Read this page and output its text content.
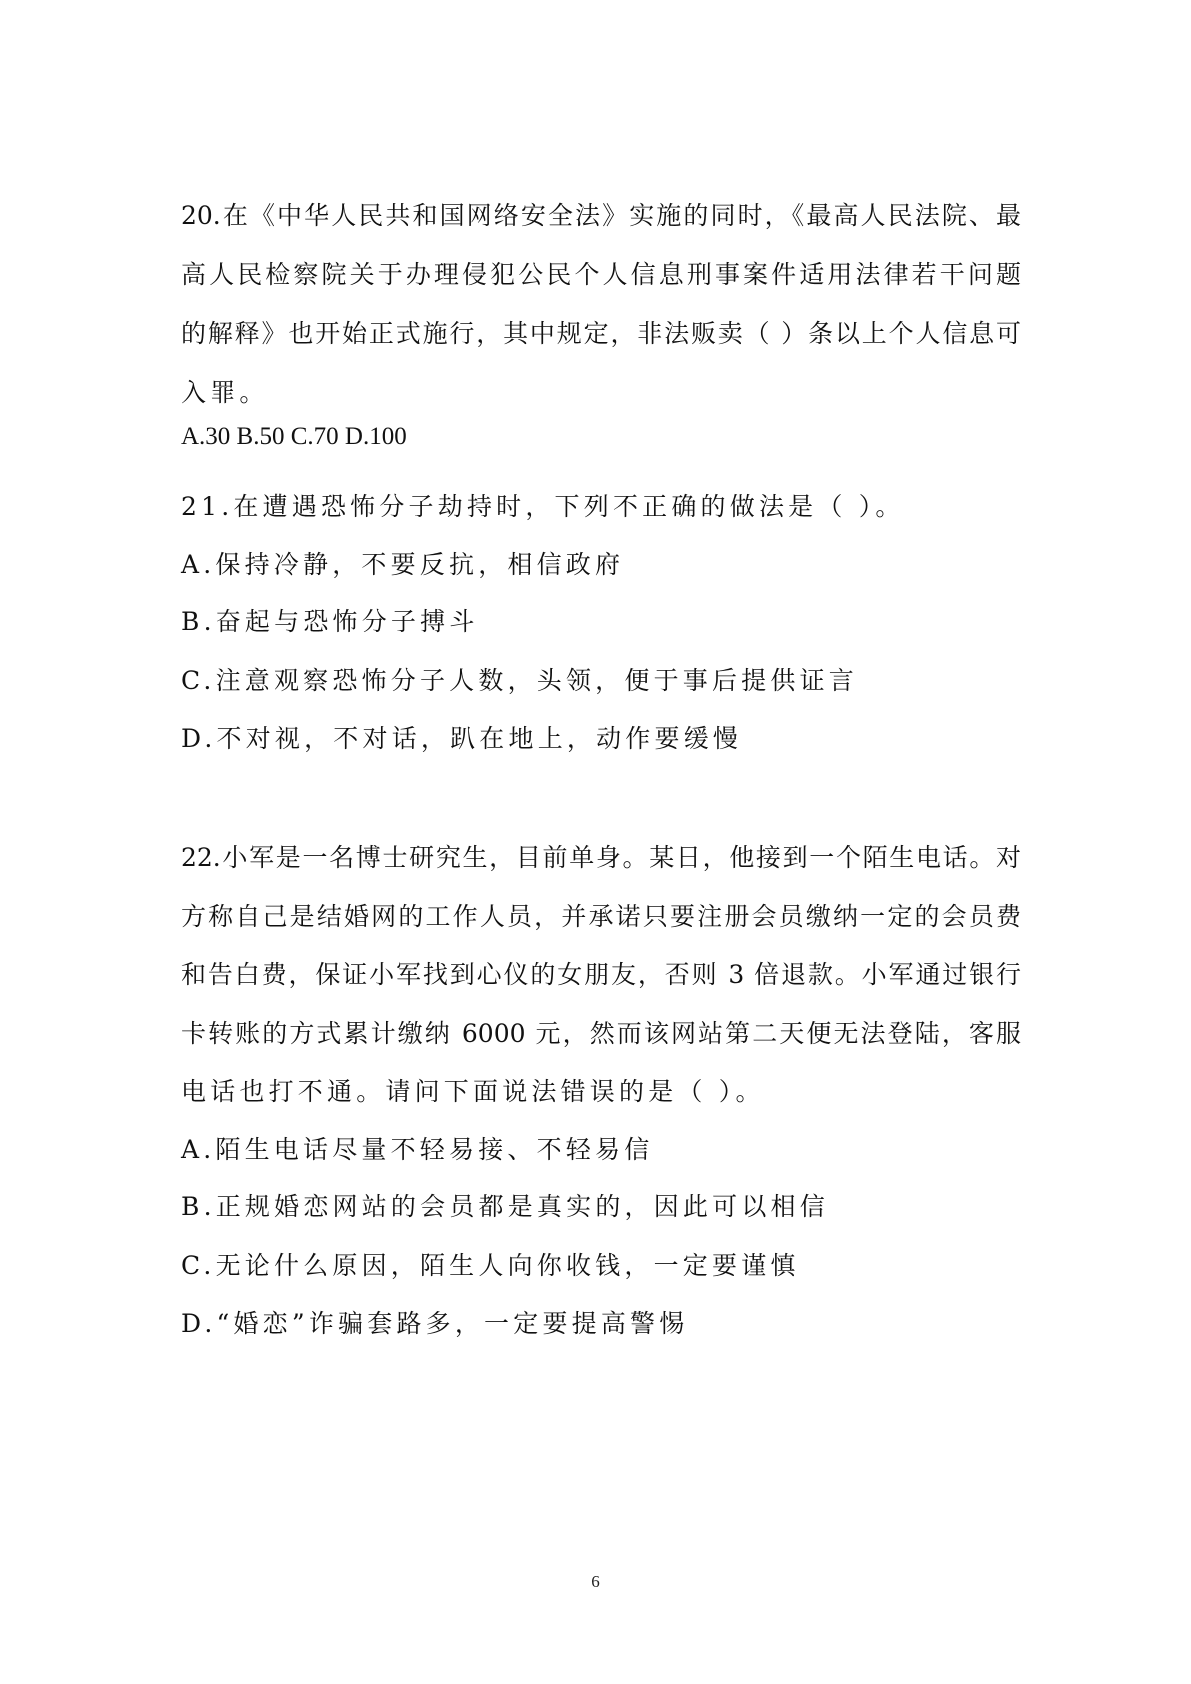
20.在《中华人民共和国网络安全法》实施的同时，《最高人民法院、最
高人民检察院关于办理侵犯公民个人信息刑事案件适用法律若干问题
的解释》也开始正式施行，其中规定，非法贩卖（ ）条以上个人信息可
入罪。
A.30 B.50 C.70 D.100
21.在遭遇恐怖分子劫持时，下列不正确的做法是（ ）。
A.保持冷静，不要反抗，相信政府
B.奋起与恐怖分子搏斗
C.注意观察恐怖分子人数，头领，便于事后提供证言
D.不对视，不对话，趴在地上，动作要缓慢
22.小军是一名博士研究生，目前单身。某日，他接到一个陌生电话。对
方称自己是结婚网的工作人员，并承诺只要注册会员缴纳一定的会员费
和告白费，保证小军找到心仪的女朋友，否则 3 倍退款。小军通过银行
卡转账的方式累计缴纳 6000 元，然而该网站第二天便无法登陆，客服
电话也打不通。请问下面说法错误的是（ ）。
A.陌生电话尽量不轻易接、不轻易信
B.正规婚恋网站的会员都是真实的，因此可以相信
C.无论什么原因，陌生人向你收钱，一定要谨慎
D.“婚恋”诈骗套路多，一定要提高警惕
6
